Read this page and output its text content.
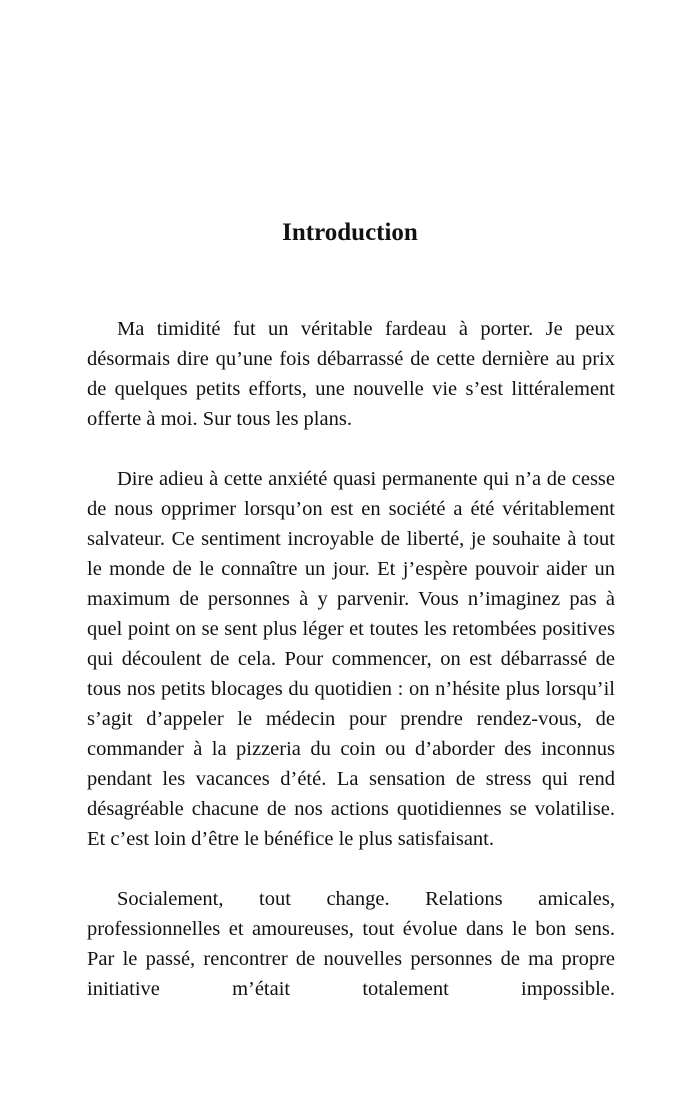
Introduction

Ma timidité fut un véritable fardeau à porter. Je peux désormais dire qu’une fois débarrassé de cette dernière au prix de quelques petits efforts, une nouvelle vie s’est littéralement offerte à moi. Sur tous les plans.

Dire adieu à cette anxiété quasi permanente qui n’a de cesse de nous opprimer lorsqu’on est en société a été véritablement salvateur. Ce sentiment incroyable de liberté, je souhaite à tout le monde de le connaître un jour. Et j’espère pouvoir aider un maximum de personnes à y parvenir. Vous n’imaginez pas à quel point on se sent plus léger et toutes les retombées positives qui découlent de cela. Pour commencer, on est débarrassé de tous nos petits blocages du quotidien : on n’hésite plus lorsqu’il s’agit d’appeler le médecin pour prendre rendez-vous, de commander à la pizzeria du coin ou d’aborder des inconnus pendant les vacances d’été. La sensation de stress qui rend désagréable chacune de nos actions quotidiennes se volatilise. Et c’est loin d’être le bénéfice le plus satisfaisant.

Socialement, tout change. Relations amicales, professionnelles et amoureuses, tout évolue dans le bon sens. Par le passé, rencontrer de nouvelles personnes de ma propre initiative m’était totalement impossible.
